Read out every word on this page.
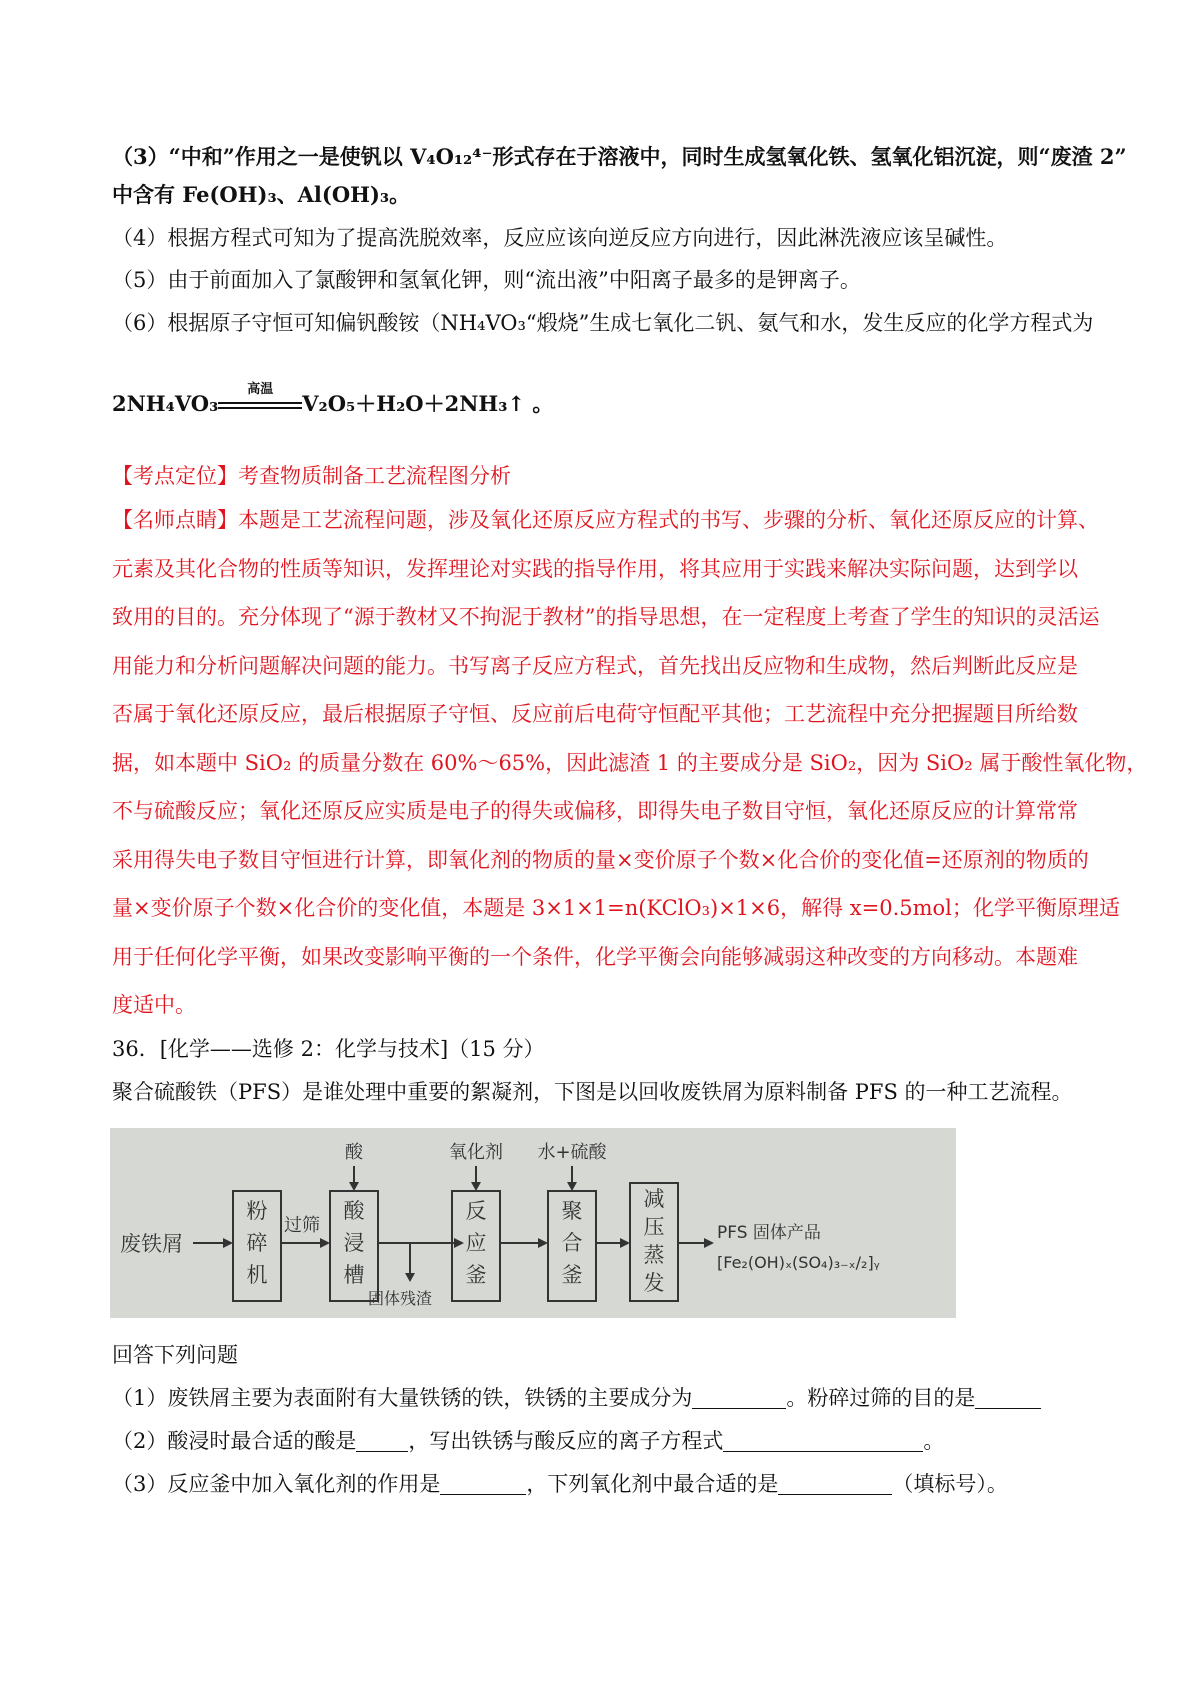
（3）“中和”作用之一是使钒以 V₄O₁₂⁴⁻形式存在于溶液中，同时生成氢氧化铁、氢氧化铝沉淀，则“废渣 2”
中含有 Fe(OH)₃、Al(OH)₃。
（4）根据方程式可知为了提高洗脱效率，反应应该向逆反应方向进行，因此淋洗液应该呈碱性。
（5）由于前面加入了氯酸钾和氢氧化钾，则“流出液”中阳离子最多的是钾离子。
（6）根据原子守恒可知偏钒酸铵（NH₄VO₃“煅烧”生成七氧化二钒、氨气和水，发生反应的化学方程式为
2NH₄VO₃
高温
V₂O₅＋H₂O＋2NH₃↑ 。
【考点定位】考查物质制备工艺流程图分析
【名师点睛】本题是工艺流程问题，涉及氧化还原反应方程式的书写、步骤的分析、氧化还原反应的计算、
元素及其化合物的性质等知识，发挥理论对实践的指导作用，将其应用于实践来解决实际问题，达到学以
致用的目的。充分体现了“源于教材又不拘泥于教材”的指导思想，在一定程度上考查了学生的知识的灵活运
用能力和分析问题解决问题的能力。书写离子反应方程式，首先找出反应物和生成物，然后判断此反应是
否属于氧化还原反应，最后根据原子守恒、反应前后电荷守恒配平其他；工艺流程中充分把握题目所给数
据，如本题中 SiO₂ 的质量分数在 60%～65%，因此滤渣 1 的主要成分是 SiO₂，因为 SiO₂ 属于酸性氧化物，
不与硫酸反应；氧化还原反应实质是电子的得失或偏移，即得失电子数目守恒，氧化还原反应的计算常常
采用得失电子数目守恒进行计算，即氧化剂的物质的量×变价原子个数×化合价的变化值=还原剂的物质的
量×变价原子个数×化合价的变化值，本题是 3×1×1=n(KClO₃)×1×6，解得 x=0.5mol；化学平衡原理适
用于任何化学平衡，如果改变影响平衡的一个条件，化学平衡会向能够减弱这种改变的方向移动。本题难
度适中。
36．[化学——选修 2：化学与技术]（15 分）
聚合硫酸铁（PFS）是谁处理中重要的絮凝剂，下图是以回收废铁屑为原料制备 PFS 的一种工艺流程。
废铁屑
粉
碎
机
过筛
酸
酸
浸
槽
固体残渣
氧化剂
反
应
釜
水+硫酸
聚
合
釜
减
压
蒸
发
PFS 固体产品
[Fe₂(OH)ₓ(SO₄)₃₋ₓ/₂]ᵧ
回答下列问题
（1）废铁屑主要为表面附有大量铁锈的铁，铁锈的主要成分为	。粉碎过筛的目的是
（2）酸浸时最合适的酸是 ，写出铁锈与酸反应的离子方程式	。
（3）反应釜中加入氧化剂的作用是	，下列氧化剂中最合适的是	（填标号）。
